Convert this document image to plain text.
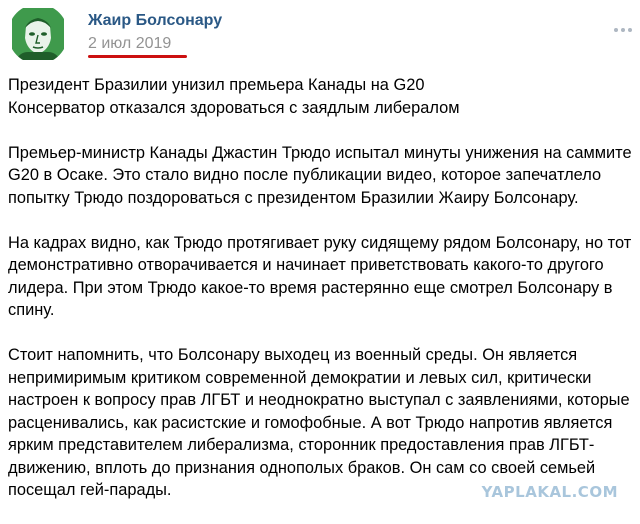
Жаир Болсонару
2 июл 2019

Президент Бразилии унизил премьера Канады на G20
Консерватор отказался здороваться с заядлым либералом

Премьер-министр Канады Джастин Трюдо испытал минуты унижения на саммите
G20 в Осаке. Это стало видно после публикации видео, которое запечатлело
попытку Трюдо поздороваться с президентом Бразилии Жаиру Болсонару.

На кадрах видно, как Трюдо протягивает руку сидящему рядом Болсонару, но тот
демонстративно отворачивается и начинает приветствовать какого-то другого
лидера. При этом Трюдо какое-то время растерянно еще смотрел Болсонару в
спину.

Стоит напомнить, что Болсонару выходец из военный среды. Он является
непримиримым критиком современной демократии и левых сил, критически
настроен к вопросу прав ЛГБТ и неоднократно выступал с заявлениями, которые
расценивались, как расистские и гомофобные. А вот Трюдо напротив является
ярким представителем либерализма, сторонник предоставления прав ЛГБТ-
движению, вплоть до признания однополых браков. Он сам со своей семьей
посещал гей-парады.	YAPLAKAL.COM
